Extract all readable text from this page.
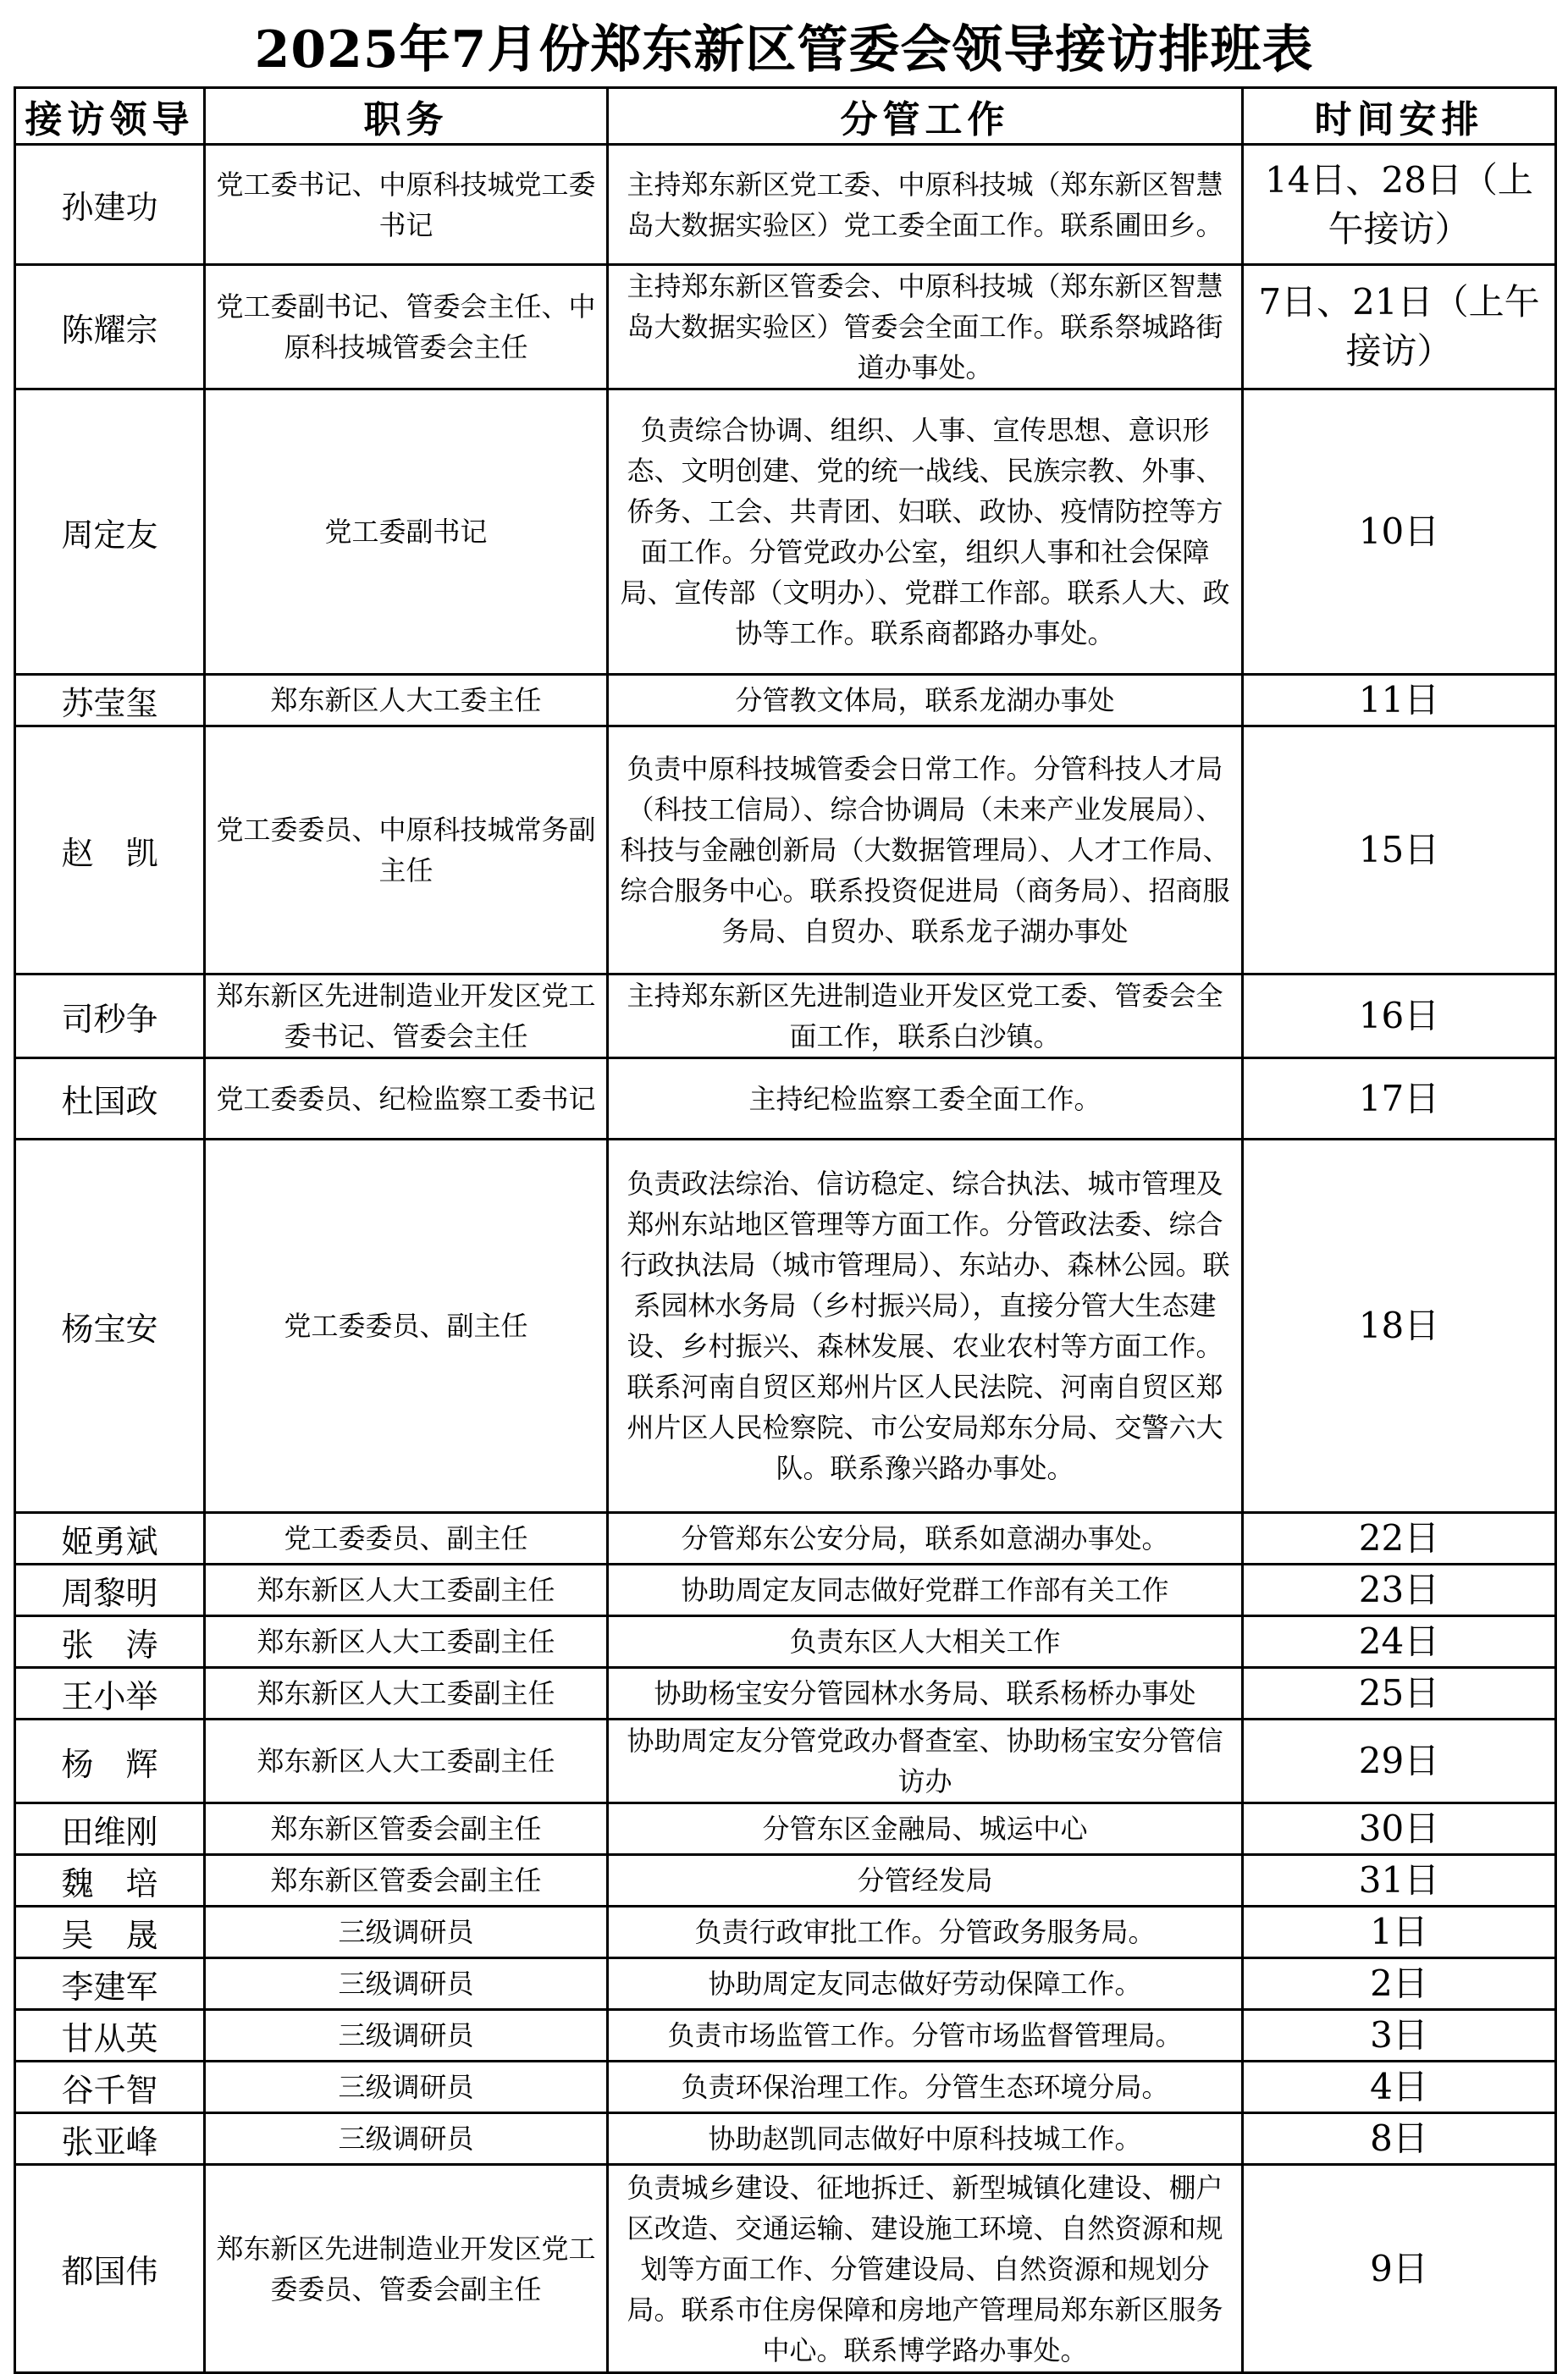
2025年7月份郑东新区管委会领导接访排班表
接访领导	职务	分管工作	时间安排
孙建功	党工委书记、中原科技城党工委书记	主持郑东新区党工委、中原科技城（郑东新区智慧岛大数据实验区）党工委全面工作。联系圃田乡。	14日、28日（上午接访）
陈耀宗	党工委副书记、管委会主任、中原科技城管委会主任	主持郑东新区管委会、中原科技城（郑东新区智慧岛大数据实验区）管委会全面工作。联系祭城路街道办事处。	7日、21日（上午接访）
周定友	党工委副书记	负责综合协调、组织、人事、宣传思想、意识形态、文明创建、党的统一战线、民族宗教、外事、侨务、工会、共青团、妇联、政协、疫情防控等方面工作。分管党政办公室，组织人事和社会保障局、宣传部（文明办）、党群工作部。联系人大、政协等工作。联系商都路办事处。	10日
苏莹玺	郑东新区人大工委主任	分管教文体局，联系龙湖办事处	11日
赵　凯	党工委委员、中原科技城常务副主任	负责中原科技城管委会日常工作。分管科技人才局（科技工信局）、综合协调局（未来产业发展局）、科技与金融创新局（大数据管理局）、人才工作局、综合服务中心。联系投资促进局（商务局）、招商服务局、自贸办、联系龙子湖办事处	15日
司秒争	郑东新区先进制造业开发区党工委书记、管委会主任	主持郑东新区先进制造业开发区党工委、管委会全面工作，联系白沙镇。	16日
杜国政	党工委委员、纪检监察工委书记	主持纪检监察工委全面工作。	17日
杨宝安	党工委委员、副主任	负责政法综治、信访稳定、综合执法、城市管理及郑州东站地区管理等方面工作。分管政法委、综合行政执法局（城市管理局）、东站办、森林公园。联系园林水务局（乡村振兴局），直接分管大生态建设、乡村振兴、森林发展、农业农村等方面工作。联系河南自贸区郑州片区人民法院、河南自贸区郑州片区人民检察院、市公安局郑东分局、交警六大队。联系豫兴路办事处。	18日
姬勇斌	党工委委员、副主任	分管郑东公安分局，联系如意湖办事处。	22日
周黎明	郑东新区人大工委副主任	协助周定友同志做好党群工作部有关工作	23日
张　涛	郑东新区人大工委副主任	负责东区人大相关工作	24日
王小举	郑东新区人大工委副主任	协助杨宝安分管园林水务局、联系杨桥办事处	25日
杨　辉	郑东新区人大工委副主任	协助周定友分管党政办督查室、协助杨宝安分管信访办	29日
田维刚	郑东新区管委会副主任	分管东区金融局、城运中心	30日
魏　培	郑东新区管委会副主任	分管经发局	31日
吴　晟	三级调研员	负责行政审批工作。分管政务服务局。	1日
李建军	三级调研员	协助周定友同志做好劳动保障工作。	2日
甘从英	三级调研员	负责市场监管工作。分管市场监督管理局。	3日
谷千智	三级调研员	负责环保治理工作。分管生态环境分局。	4日
张亚峰	三级调研员	协助赵凯同志做好中原科技城工作。	8日
都国伟	郑东新区先进制造业开发区党工委委员、管委会副主任	负责城乡建设、征地拆迁、新型城镇化建设、棚户区改造、交通运输、建设施工环境、自然资源和规划等方面工作、分管建设局、自然资源和规划分局。联系市住房保障和房地产管理局郑东新区服务中心。联系博学路办事处。	9日
